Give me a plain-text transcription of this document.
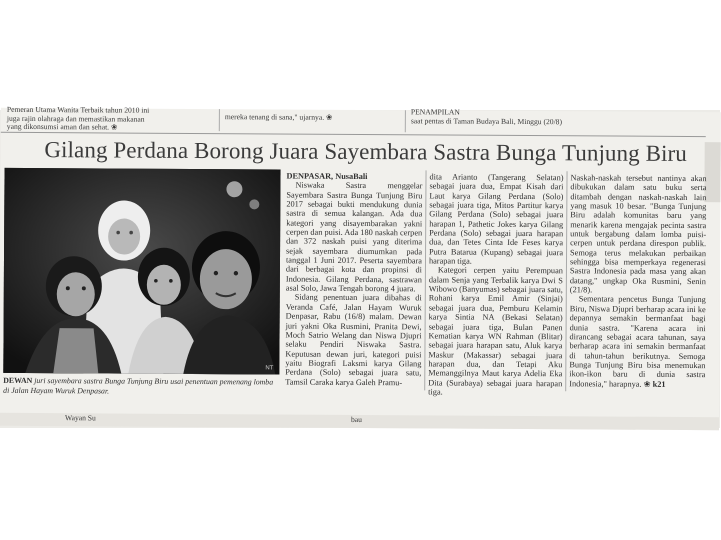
Pemeran Utama Wanita Terbaik tahun 2010 ini
juga rajin olahraga dan memastikan makanan
yang dikonsumsi aman dan sehat. ❀
mereka tenang di sana," ujarnya. ❀
PENAMPILAN
saat pentas di Taman Budaya Bali, Minggu (20/8)
Gilang Perdana Borong Juara Sayembara Sastra Bunga Tunjung Biru
NT
DEWAN juri sayembara sastra Bunga Tunjung Biru usai penentuan pemenang lomba di Jalan Hayam Wuruk Denpasar.

DENPASAR, NusaBali

Niswaka Sastra menggelar Sayembara Sastra Bunga Tunjung Biru 2017 sebagai bukti mendukung dunia sastra di semua kalangan. Ada dua kategori yang disayembarakan yakni cerpen dan puisi. Ada 180 naskah cerpen dan 372 naskah puisi yang diterima sejak sayembara diumumkan pada tanggal 1 Juni 2017. Peserta sayembara dari berbagai kota dan propinsi di Indonesia. Gilang Perdana, sastrawan asal Solo, Jawa Tengah borong 4 juara.

Sidang penentuan juara dibahas di Veranda Café, Jalan Hayam Wuruk Denpasar, Rabu (16/8) malam. Dewan juri yakni Oka Rusmini, Pranita Dewi, Moch Satrio Welang dan Niswa Djupri selaku Pendiri Niswaka Sastra. Keputusan dewan juri, kategori puisi yaitu Biografi Laksmi karya Gilang Perdana (Solo) sebagai juara satu, Tamsil Caraka karya Galeh Pramu-

dita Arianto (Tangerang Selatan) sebagai juara dua, Empat Kisah dari Laut karya Gilang Perdana (Solo) sebagai juara tiga, Mitos Partitur karya Gilang Perdana (Solo) sebagai juara harapan 1, Pathetic Jokes karya Gilang Perdana (Solo) sebagai juara harapan dua, dan Tetes Cinta Ide Feses karya Putra Batarua (Kupang) sebagai juara harapan tiga.

Kategori cerpen yaitu Perempuan dalam Senja yang Terbalik karya Dwi S Wibowo (Banyumas) sebagai juara satu, Rohani karya Emil Amir (Sinjai) sebagai juara dua, Pemburu Kelamin karya Sintia NA (Bekasi Selatan) sebagai juara tiga, Bulan Panen Kematian karya WN Rahman (Blitar) sebagai juara harapan satu, Aluk karya Maskur (Makassar) sebagai juara harapan dua, dan Tetapi Aku Memanggilnya Maut karya Adelia Eka Dita (Surabaya) sebagai juara harapan tiga.

Naskah-naskah tersebut nantinya akan dibukukan dalam satu buku serta ditambah dengan naskah-naskah lain yang masuk 10 besar. "Bunga Tunjung Biru adalah komunitas baru yang menarik karena mengajak pecinta sastra untuk bergabung dalam lomba puisi-cerpen untuk perdana direspon publik. Semoga terus melakukan perbaikan sehingga bisa memperkaya regenerasi Sastra Indonesia pada masa yang akan datang," ungkap Oka Rusmini, Senin (21/8).

Sementara pencetus Bunga Tunjung Biru, Niswa Djupri berharap acara ini ke depannya semakin bermanfaat bagi dunia sastra. "Karena acara ini dirancang sebagai acara tahunan, saya berharap acara ini semakin bermanfaat di tahun-tahun berikutnya. Semoga Bunga Tunjung Biru bisa menemukan ikon-ikon baru di dunia sastra Indonesia," harapnya. ❀ k21

Wayan Su	bau
